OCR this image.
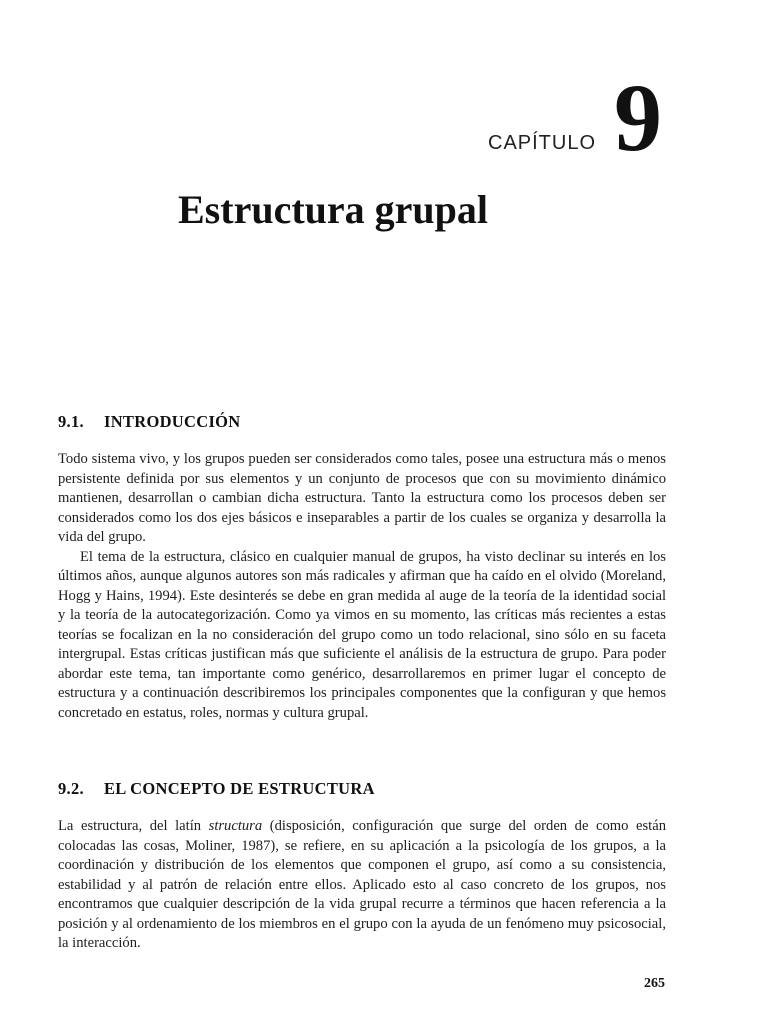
CAPÍTULO 9
Estructura grupal
9.1. INTRODUCCIÓN

Todo sistema vivo, y los grupos pueden ser considerados como tales, posee una estructura más o menos persistente definida por sus elementos y un conjunto de procesos que con su movimiento dinámico mantienen, desarrollan o cambian dicha estructura. Tanto la estructura como los procesos deben ser considerados como los dos ejes básicos e inseparables a partir de los cuales se organiza y desarrolla la vida del grupo.

El tema de la estructura, clásico en cualquier manual de grupos, ha visto declinar su interés en los últimos años, aunque algunos autores son más radicales y afirman que ha caído en el olvido (Moreland, Hogg y Hains, 1994). Este desinterés se debe en gran medida al auge de la teoría de la identidad social y la teoría de la autocategorización. Como ya vimos en su momento, las críticas más recientes a estas teorías se focalizan en la no consideración del grupo como un todo relacional, sino sólo en su faceta intergrupal. Estas críticas justifican más que suficiente el análisis de la estructura de grupo. Para poder abordar este tema, tan importante como genérico, desarrollaremos en primer lugar el concepto de estructura y a continuación describiremos los principales componentes que la configuran y que hemos concretado en estatus, roles, normas y cultura grupal.

9.2. EL CONCEPTO DE ESTRUCTURA

La estructura, del latín structura (disposición, configuración que surge del orden de como están colocadas las cosas, Moliner, 1987), se refiere, en su aplicación a la psicología de los grupos, a la coordinación y distribución de los elementos que componen el grupo, así como a su consistencia, estabilidad y al patrón de relación entre ellos. Aplicado esto al caso concreto de los grupos, nos encontramos que cualquier descripción de la vida grupal recurre a términos que hacen referencia a la posición y al ordenamiento de los miembros en el grupo con la ayuda de un fenómeno muy psicosocial, la interacción.

265
